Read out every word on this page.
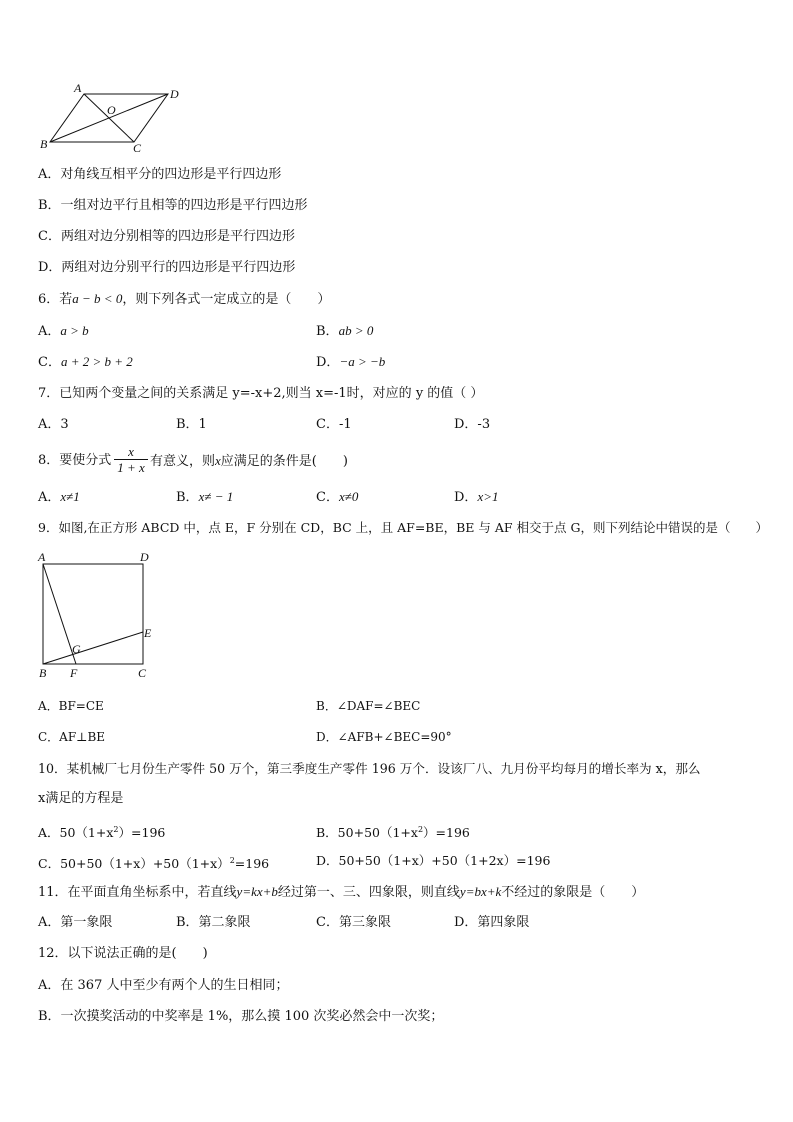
A	D
O
B	C
A．对角线互相平分的四边形是平行四边形
B．一组对边平行且相等的四边形是平行四边形
C．两组对边分别相等的四边形是平行四边形
D．两组对边分别平行的四边形是平行四边形
6．若a − b < 0，则下列各式一定成立的是（　　）
A．a > b	B．ab > 0
C．a + 2 > b + 2	D．−a > −b
7．已知两个变量之间的关系满足 y=-x+2,则当 x=-1时，对应的 y 的值（ ）
A．3	B．1	C．-1	D．-3
8．要使分式 $\frac{x}{1 + x}$ 有意义，则x应满足的条件是(　　)
A．x≠1	B．x≠ − 1	C．x≠0	D．x>1
9．如图,在正方形 ABCD 中，点 E，F 分别在 CD，BC 上，且 AF=BE，BE 与 AF 相交于点 G，则下列结论中错误的是（　　）
A	D
E
G
B F	C
A．BF=CE	B．∠DAF=∠BEC
C．AF⊥BE	D．∠AFB+∠BEC=90°
10．某机械厂七月份生产零件 50 万个，第三季度生产零件 196 万个．设该厂八、九月份平均每月的增长率为 x，那么
x满足的方程是
A．$50(1+x^2)=196$	B．$50+50(1+x^2)=196$
C．$50+50(1+x)+50(1+x)^2=196$	D．50+50（1+x）+50（1+2x）=196
11．在平面直角坐标系中，若直线y=kx+b经过第一、三、四象限，则直线y=bx+k不经过的象限是（　　）
A．第一象限	B．第二象限	C．第三象限	D．第四象限
12．以下说法正确的是(　　)
A．在 367 人中至少有两个人的生日相同；
B．一次摸奖活动的中奖率是 1%，那么摸 100 次奖必然会中一次奖；
